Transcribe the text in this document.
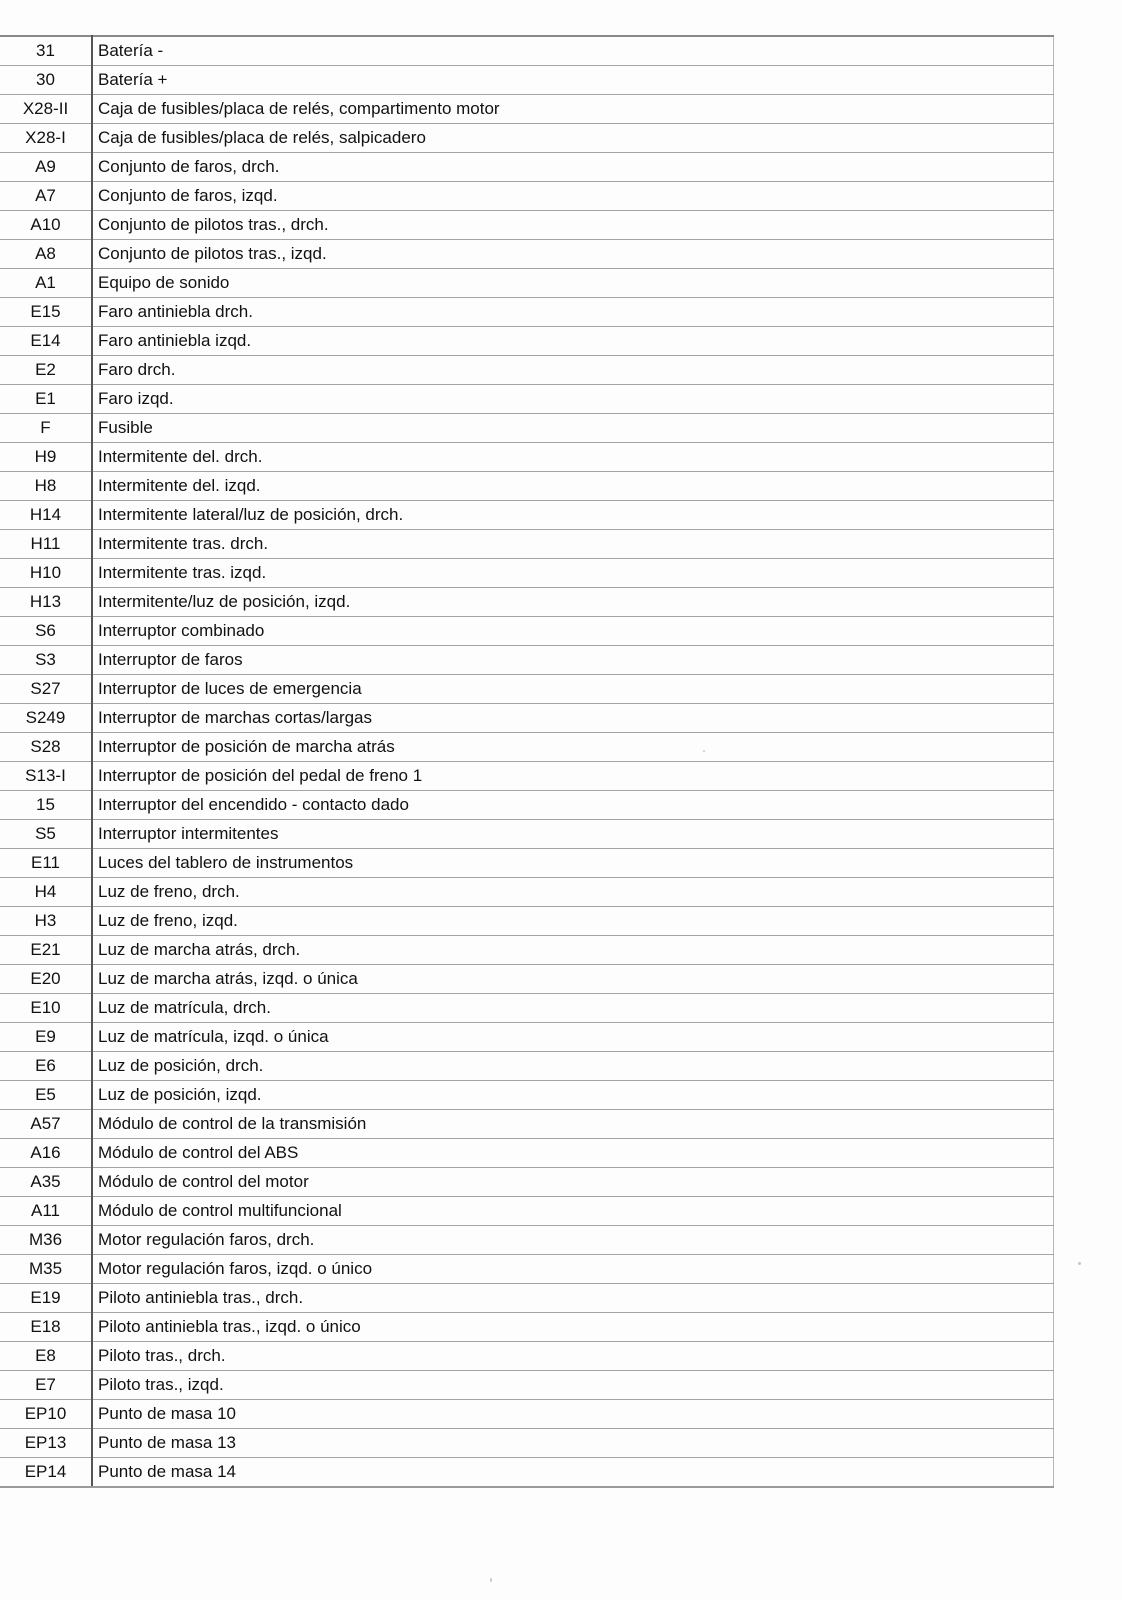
31	Batería -
30	Batería +
X28-II	Caja de fusibles/placa de relés, compartimento motor
X28-I	Caja de fusibles/placa de relés, salpicadero
A9	Conjunto de faros, drch.
A7	Conjunto de faros, izqd.
A10	Conjunto de pilotos tras., drch.
A8	Conjunto de pilotos tras., izqd.
A1	Equipo de sonido
E15	Faro antiniebla drch.
E14	Faro antiniebla izqd.
E2	Faro drch.
E1	Faro izqd.
F	Fusible
H9	Intermitente del. drch.
H8	Intermitente del. izqd.
H14	Intermitente lateral/luz de posición, drch.
H11	Intermitente tras. drch.
H10	Intermitente tras. izqd.
H13	Intermitente/luz de posición, izqd.
S6	Interruptor combinado
S3	Interruptor de faros
S27	Interruptor de luces de emergencia
S249	Interruptor de marchas cortas/largas
S28	Interruptor de posición de marcha atrás
S13-I	Interruptor de posición del pedal de freno 1
15	Interruptor del encendido - contacto dado
S5	Interruptor intermitentes
E11	Luces del tablero de instrumentos
H4	Luz de freno, drch.
H3	Luz de freno, izqd.
E21	Luz de marcha atrás, drch.
E20	Luz de marcha atrás, izqd. o única
E10	Luz de matrícula, drch.
E9	Luz de matrícula, izqd. o única
E6	Luz de posición, drch.
E5	Luz de posición, izqd.
A57	Módulo de control de la transmisión
A16	Módulo de control del ABS
A35	Módulo de control del motor
A11	Módulo de control multifuncional
M36	Motor regulación faros, drch.
M35	Motor regulación faros, izqd. o único
E19	Piloto antiniebla tras., drch.
E18	Piloto antiniebla tras., izqd. o único
E8	Piloto tras., drch.
E7	Piloto tras., izqd.
EP10	Punto de masa 10
EP13	Punto de masa 13
EP14	Punto de masa 14
